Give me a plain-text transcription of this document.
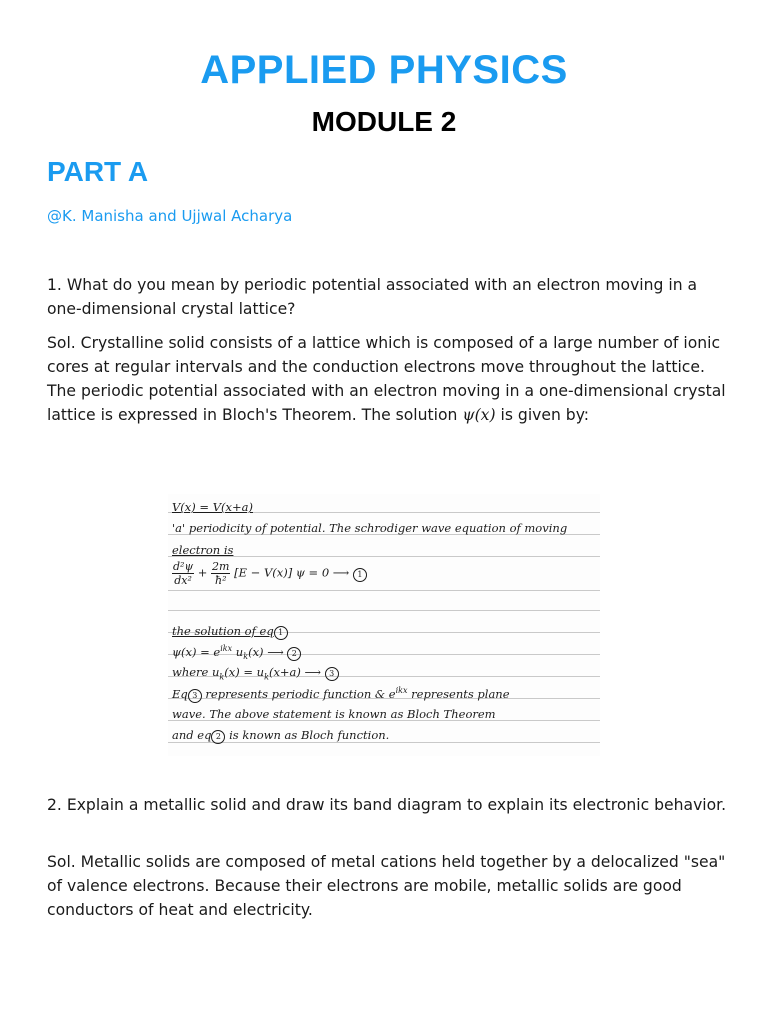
APPLIED PHYSICS
MODULE 2
PART A
@K. Manisha and Ujjwal Acharya

1. What do you mean by periodic potential associated with an electron moving in a one-dimensional crystal lattice?

Sol. Crystalline solid consists of a lattice which is composed of a large number of ionic cores at regular intervals and the conduction electrons move throughout the lattice. The periodic potential associated with an electron moving in a one-dimensional crystal lattice is expressed in Bloch's Theorem. The solution ψ(x) is given by:

V(x) = V(x+a)
'a' periodicity of potential. The schrodiger wave equation of moving
electron is
$\frac{\text{d²ψ}}{\text{dx²}} + \frac{2m}{\text{ħ²}} [E - V(x)] \psi = 0$ ⟶ 1
the solution of eq 1
$\psi(x) = e^{ikx}$ $u_k(x)$ ⟶ 2
where $u_k(x) = u_k(x+a)$ ⟶ 3
Eq 3 represents periodic function & $e^{ikx}$ represents plane
wave. The above statement is known as Bloch Theorem
and eq 2 is known as Bloch function.

2. Explain a metallic solid and draw its band diagram to explain its electronic behavior.

Sol. Metallic solids are composed of metal cations held together by a delocalized "sea" of valence electrons. Because their electrons are mobile, metallic solids are good conductors of heat and electricity.
